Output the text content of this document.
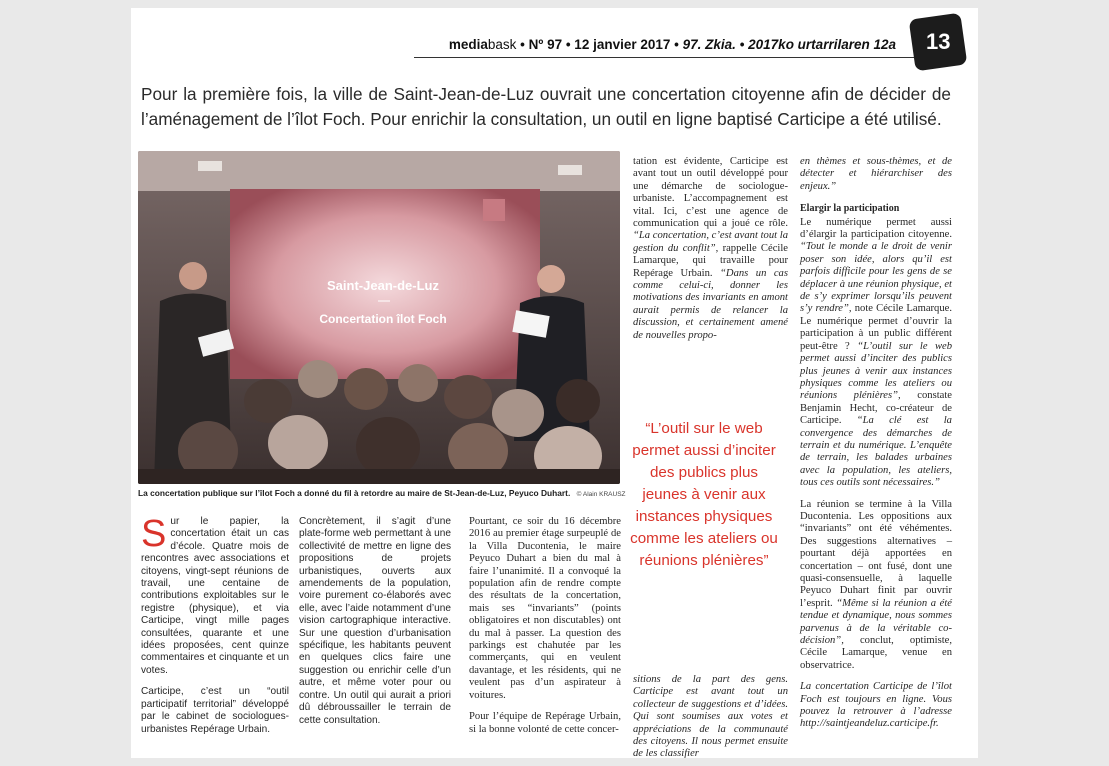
mediabask • Nº 97 • 12 janvier 2017 • 97. Zkia. • 2017ko urtarrilaren 12a 13
Pour la première fois, la ville de Saint-Jean-de-Luz ouvrait une concertation citoyenne afin de décider de
l’aménagement de l’îlot Foch. Pour enrichir la consultation, un outil en ligne baptisé Carticipe a été utilisé.
Saint-Jean-de-Luz
Concertation îlot Foch
La concertation publique sur l’îlot Foch a donné du fil à retordre au maire de St-Jean-de-Luz, Peyuco Duhart. © Alain KRAUSZ

Sur le papier, la concertation était un cas d’école. Quatre mois de rencontres avec associations et citoyens, vingt-sept réunions de travail, une centaine de contributions exploitables sur le registre (physique), et via Carticipe, vingt mille pages consultées, quarante et une idées proposées, cent quinze commentaires et cinquante et un votes.

Carticipe, c’est un “outil participatif territorial” développé par le cabinet de sociologues-urbanistes Repérage Urbain.

Concrètement, il s’agit d’une plate-forme web permettant à une collectivité de mettre en ligne des propositions de projets urbanistiques, ouverts aux amendements de la population, voire purement co-élaborés avec elle, avec l’aide notamment d’une vision cartographique interactive. Sur une question d’urbanisation spécifique, les habitants peuvent en quelques clics faire une suggestion ou enrichir celle d’un autre, et même voter pour ou contre. Un outil qui aurait a priori dû débroussailler le terrain de cette consultation.

tation est évidente, Carticipe est avant tout un outil développé pour une démarche de sociologue-urbaniste. L’accompagnement est vital. Ici, c’est une agence de communication qui a joué ce rôle. “La concertation, c’est avant tout la gestion du conflit”, rappelle Cécile Lamarque, qui travaille pour Repérage Urbain. “Dans un cas comme celui-ci, donner les motivations des invariants en amont aurait permis de relancer la discussion, et certainement amené de nouvelles propo-

Pourtant, ce soir du 16 décembre 2016 au premier étage surpeuplé de la Villa Ducontenia, le maire Peyuco Duhart a bien du mal à faire l’unanimité. Il a convoqué la population afin de rendre compte des résultats de la concertation, mais ses “invariants” (points obligatoires et non discutables) ont du mal à passer. La question des parkings est chahutée par les commerçants, qui en veulent davantage, et les résidents, qui ne veulent pas d’un aspirateur à voitures.

Pour l’équipe de Repérage Urbain, si la bonne volonté de cette concer-

“L’outil sur le web permet aussi d’inciter des publics plus jeunes à venir aux instances physiques comme les ateliers ou réunions plénières”

sitions de la part des gens. Carticipe est avant tout un collecteur de suggestions et d’idées. Qui sont soumises aux votes et appréciations de la communauté des citoyens. Il nous permet ensuite de les classifier

en thèmes et sous-thèmes, et de détecter et hiérarchiser des enjeux.”

Elargir la participation

Le numérique permet aussi d’élargir la participation citoyenne. “Tout le monde a le droit de venir poser son idée, alors qu’il est parfois difficile pour les gens de se déplacer à une réunion physique, et de s’y exprimer lorsqu’ils peuvent s’y rendre”, note Cécile Lamarque. Le numérique permet d’ouvrir la participation à un public différent peut-être ? “L’outil sur le web permet aussi d’inciter des publics plus jeunes à venir aux instances physiques comme les ateliers ou réunions plénières”, constate Benjamin Hecht, co-créateur de Carticipe. “La clé est la convergence des démarches de terrain et du numérique. L’enquête de terrain, les balades urbaines avec la population, les ateliers, tous ces outils sont nécessaires.”

La réunion se termine à la Villa Ducontenia. Les oppositions aux “invariants” ont été véhémentes. Des suggestions alternatives – pourtant déjà apportées en concertation – ont fusé, dont une quasi-consensuelle, à laquelle Peyuco Duhart finit par ouvrir l’esprit. “Même si la réunion a été tendue et dynamique, nous sommes parvenus à de la véritable co-décision”, conclut, optimiste, Cécile Lamarque, venue en observatrice.

La concertation Carticipe de l’îlot Foch est toujours en ligne. Vous pouvez la retrouver à l’adresse http://saintjeandeluz.carticipe.fr.
